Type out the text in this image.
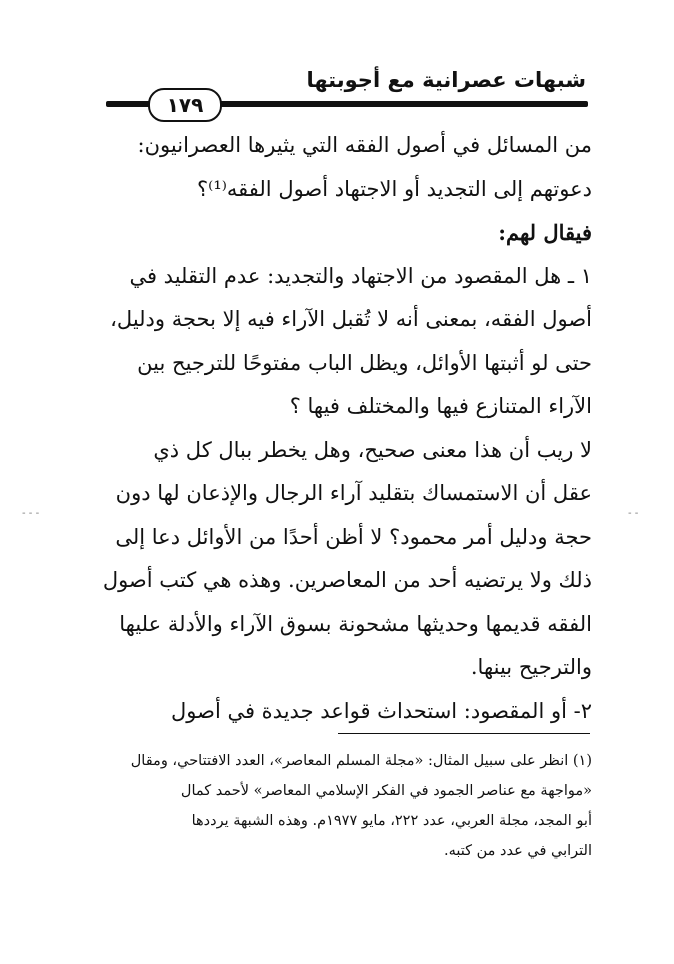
شبهات عصرانية مع أجوبتها
١٧٩
من المسائل في أصول الفقه التي يثيرها العصرانيون:
دعوتهم إلى التجديد أو الاجتهاد أصول الفقه⁽¹⁾؟
فيقال لهم:
١ ـ هل المقصود من الاجتهاد والتجديد: عدم التقليد في
أصول الفقه، بمعنى أنه لا تُقبل الآراء فيه إلا بحجة ودليل،
حتى لو أثبتها الأوائل، ويظل الباب مفتوحًا للترجيح بين
الآراء المتنازع فيها والمختلف فيها ؟
لا ريب أن هذا معنى صحيح، وهل يخطر ببال كل ذي
عقل أن الاستمساك بتقليد آراء الرجال والإذعان لها دون
حجة ودليل أمر محمود؟ لا أظن أحدًا من الأوائل دعا إلى
ذلك ولا يرتضيه أحد من المعاصرين. وهذه هي كتب أصول
الفقه قديمها وحديثها مشحونة بسوق الآراء والأدلة عليها
والترجيح بينها.
٢- أو المقصود: استحداث قواعد جديدة في أصول
(١) انظر على سبيل المثال: «مجلة المسلم المعاصر»، العدد الافتتاحي، ومقال
«مواجهة مع عناصر الجمود في الفكر الإسلامي المعاصر» لأحمد كمال
أبو المجد، مجلة العربي، عدد ٢٢٢، مايو ١٩٧٧م. وهذه الشبهة يرددها
الترابي في عدد من كتبه.
- - -	- -
